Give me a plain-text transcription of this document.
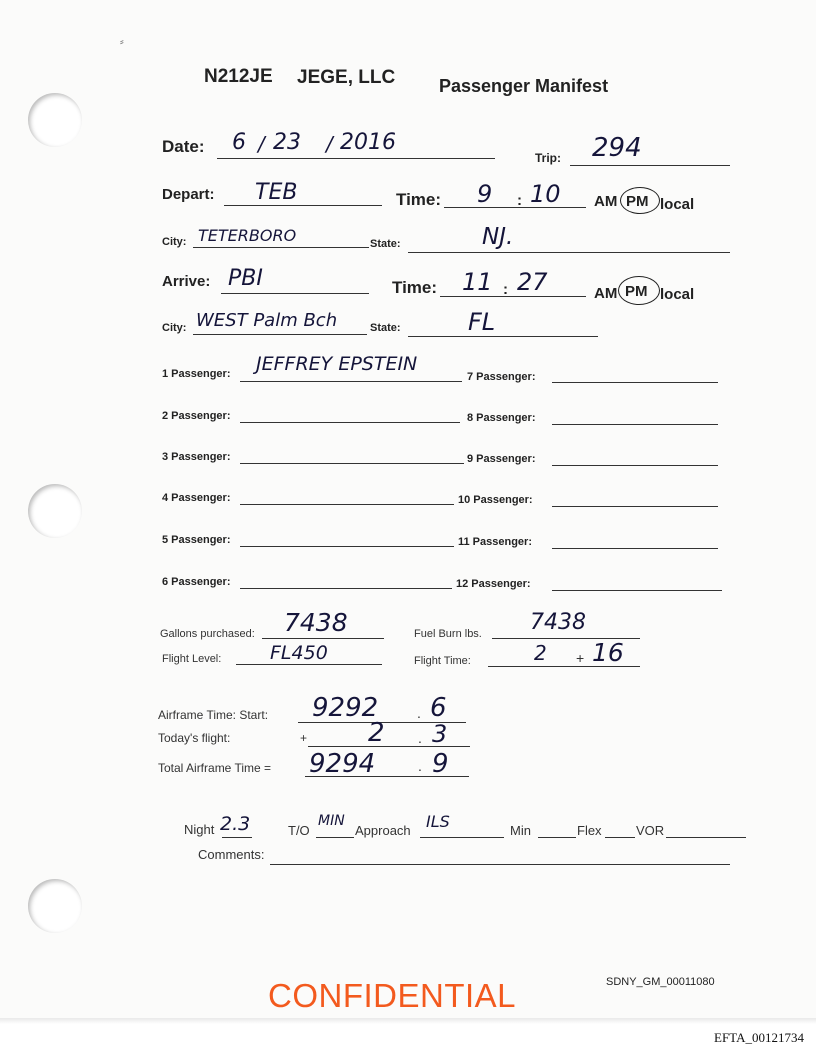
⸗
N212JE JEGE, LLC Passenger Manifest
Date: 6 / 23 / 2016
Trip: 294
Depart: TEB	Time: 9 : 10 AM PM local
City: TETERBORO	State:	NJ.
Arrive: PBI	Time: 11 : 27	AM PM local
City: WEST Palm Bch	State:	FL
1 Passenger: JEFFREY EPSTEIN
2 Passenger:
3 Passenger:
4 Passenger:
5 Passenger:
6 Passenger:
7 Passenger:
8 Passenger:
9 Passenger:
10 Passenger:
11 Passenger:
12 Passenger:
Gallons purchased: 7438	Fuel Burn lbs. 7438
Flight Level:	FL450	Flight Time:	2 + 16
Airframe Time: Start: 9292	. 6
Today's flight:	+ 2 . 3
Total Airframe Time = 9294	. 9
Night 2.3	T/O
MIN
Approach ILS	Min	Flex	VOR
Comments:
SDNY_GM_00011080
CONFIDENTIAL
EFTA_00121734
